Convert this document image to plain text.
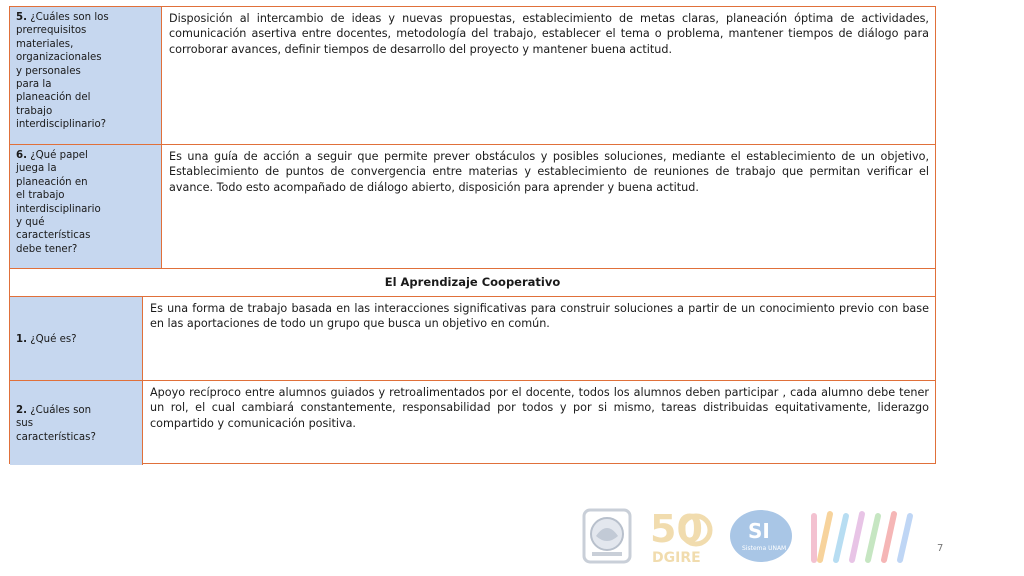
5. ¿Cuáles son los
prerrequisitos
materiales,
organizacionales
y personales
para la
planeación del
trabajo
interdisciplinario?
Disposición al intercambio de ideas y nuevas propuestas, establecimiento de metas claras, planeación óptima de actividades, comunicación asertiva entre docentes, metodología del trabajo, establecer el tema o problema, mantener tiempos de diálogo para corroborar avances, definir tiempos de desarrollo del proyecto y mantener buena actitud.
6. ¿Qué papel
juega la
planeación en
el trabajo
interdisciplinario
y qué
características
debe tener?
Es una guía de acción a seguir que permite prever obstáculos y posibles soluciones, mediante el establecimiento de un objetivo, Establecimiento de puntos de convergencia entre materias y establecimiento de reuniones de trabajo que permitan verificar el avance. Todo esto acompañado de diálogo abierto, disposición para aprender y buena actitud.
El Aprendizaje Cooperativo
1. ¿Qué es?
Es una forma de trabajo basada en las interacciones significativas para construir soluciones a partir de un conocimiento previo con base en las aportaciones de todo un grupo que busca un objetivo en común.
2. ¿Cuáles son
sus
características?
Apoyo recíproco entre alumnos guiados y retroalimentados por el docente, todos los alumnos deben participar , cada alumno debe tener un rol, el cual cambiará constantemente, responsabilidad por todos y por si mismo, tareas distribuidas equitativamente, liderazgo compartido y comunicación positiva.
50
DGIRE
SI
Sistema UNAM	7
